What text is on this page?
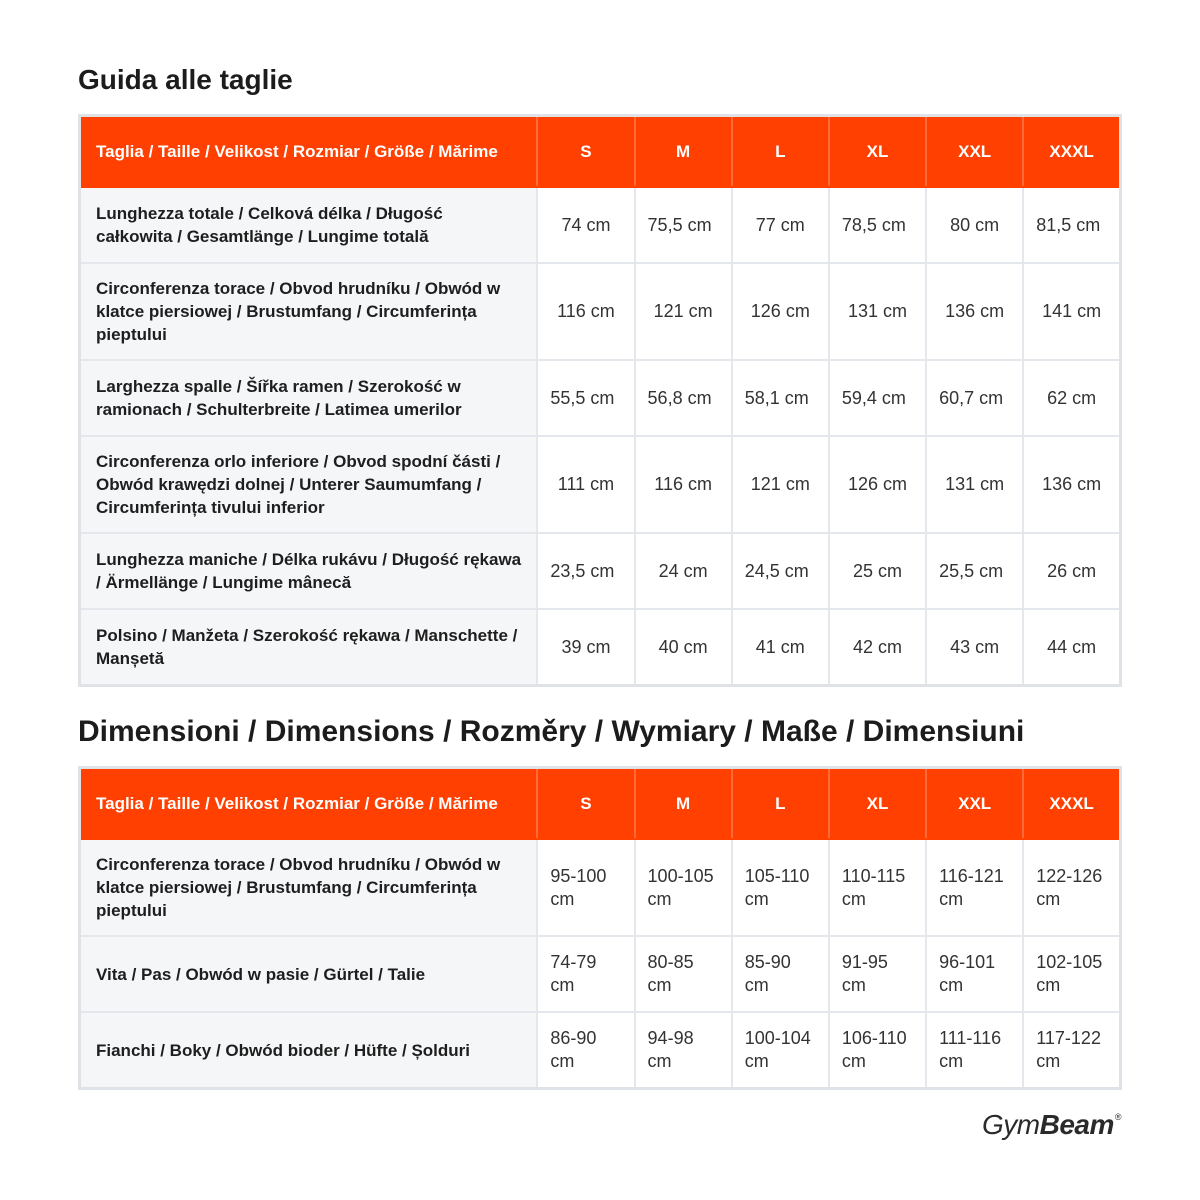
Guida alle taglie
Taglia / Taille / Velikost / Rozmiar / Größe / Mărime	S	M	L	XL	XXL	XXXL
Lunghezza totale / Celková délka / Długość całkowita / Gesamtlänge / Lungime totală	74 cm	75,5 cm	77 cm	78,5 cm	80 cm	81,5 cm
Circonferenza torace / Obvod hrudníku / Obwód w klatce piersiowej / Brustumfang / Circumferința pieptului	116 cm	121 cm	126 cm	131 cm	136 cm	141 cm
Larghezza spalle / Šířka ramen / Szerokość w ramionach / Schulterbreite / Latimea umerilor	55,5 cm	56,8 cm	58,1 cm	59,4 cm	60,7 cm	62 cm
Circonferenza orlo inferiore / Obvod spodní části / Obwód krawędzi dolnej / Unterer Saumumfang / Circumferința tivului inferior	111 cm	116 cm	121 cm	126 cm	131 cm	136 cm
Lunghezza maniche / Délka rukávu / Długość rękawa / Ärmellänge / Lungime mânecă	23,5 cm	24 cm	24,5 cm	25 cm	25,5 cm	26 cm
Polsino / Manžeta / Szerokość rękawa / Manschette / Manșetă	39 cm	40 cm	41 cm	42 cm	43 cm	44 cm
Dimensioni / Dimensions / Rozměry / Wymiary / Maße / Dimensiuni
Taglia / Taille / Velikost / Rozmiar / Größe / Mărime	S	M	L	XL	XXL	XXXL
Circonferenza torace / Obvod hrudníku / Obwód w klatce piersiowej / Brustumfang / Circumferința pieptului	95-100 cm	100-105 cm	105-110 cm	110-115 cm	116-121 cm	122-126 cm
Vita / Pas / Obwód w pasie / Gürtel / Talie	74-79 cm	80-85 cm	85-90 cm	91-95 cm	96-101 cm	102-105 cm
Fianchi / Boky / Obwód bioder / Hüfte / Șolduri	86-90 cm	94-98 cm	100-104 cm	106-110 cm	111-116 cm	117-122 cm
GymBeam®
